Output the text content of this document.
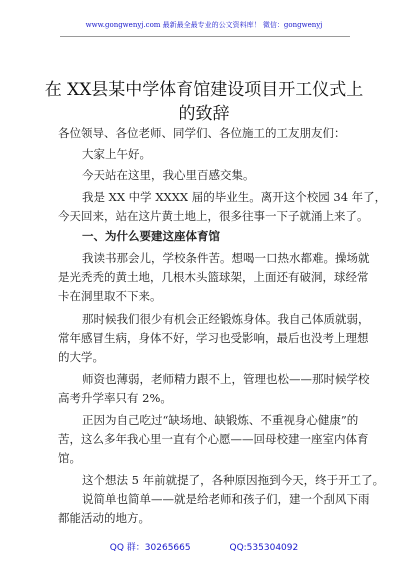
www.gongwenyj.com 最新最全最专业的公文资料库！ 微信：gongwenyj
在 XX县某中学体育馆建设项目开工仪式上
的致辞
各位领导、各位老师、同学们、各位施工的工友朋友们：
大家上午好。
今天站在这里，我心里百感交集。
我是 XX 中学 XXXX 届的毕业生。离开这个校园 34 年了，
今天回来，站在这片黄土地上，很多往事一下子就涌上来了。
一、为什么要建这座体育馆
我读书那会儿，学校条件苦。想喝一口热水都难。操场就
是光秃秃的黄土地，几根木头篮球架，上面还有破洞，球经常
卡在洞里取不下来。
那时候我们很少有机会正经锻炼身体。我自己体质就弱，
常年感冒生病，身体不好，学习也受影响，最后也没考上理想
的大学。
师资也薄弱，老师精力跟不上，管理也松——那时候学校
高考升学率只有 2%。
正因为自己吃过“缺场地、缺锻炼、不重视身心健康”的
苦，这么多年我心里一直有个心愿——回母校建一座室内体育
馆。
这个想法 5 年前就提了，各种原因拖到今天，终于开工了。
说简单也简单——就是给老师和孩子们，建一个刮风下雨
都能活动的地方。
QQ 群：30265665	QQ:535304092
